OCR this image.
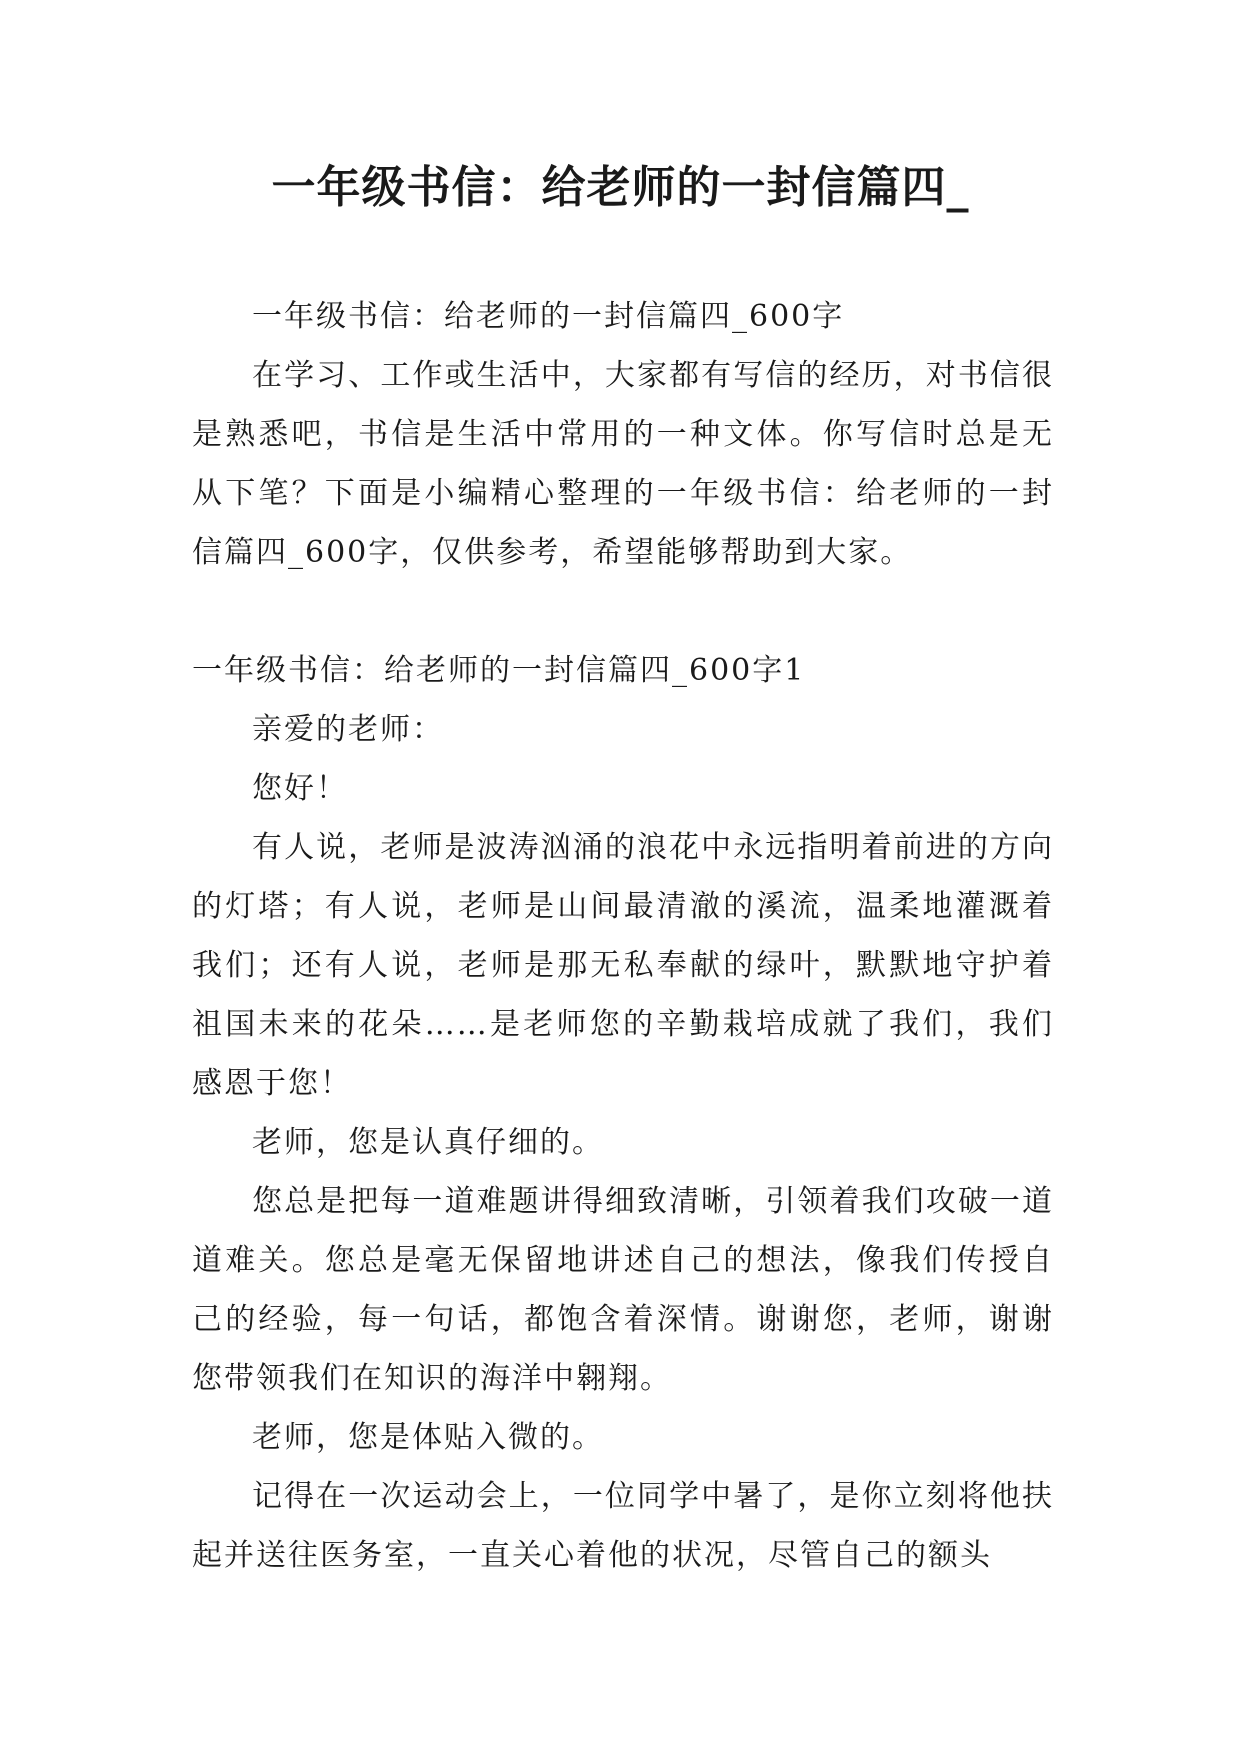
一年级书信：给老师的一封信篇四_

一年级书信：给老师的一封信篇四_600字

在学习、工作或生活中，大家都有写信的经历，对书信很是熟悉吧，书信是生活中常用的一种文体。你写信时总是无从下笔？下面是小编精心整理的一年级书信：给老师的一封信篇四_600字，仅供参考，希望能够帮助到大家。

一年级书信：给老师的一封信篇四_600字1

亲爱的老师：

您好！

有人说，老师是波涛汹涌的浪花中永远指明着前进的方向的灯塔；有人说，老师是山间最清澈的溪流，温柔地灌溉着我们；还有人说，老师是那无私奉献的绿叶，默默地守护着祖国未来的花朵……是老师您的辛勤栽培成就了我们，我们感恩于您！

老师，您是认真仔细的。

您总是把每一道难题讲得细致清晰，引领着我们攻破一道道难关。您总是毫无保留地讲述自己的想法，像我们传授自己的经验，每一句话，都饱含着深情。谢谢您，老师，谢谢您带领我们在知识的海洋中翱翔。

老师，您是体贴入微的。

记得在一次运动会上，一位同学中暑了，是你立刻将他扶起并送往医务室，一直关心着他的状况，尽管自己的额头
